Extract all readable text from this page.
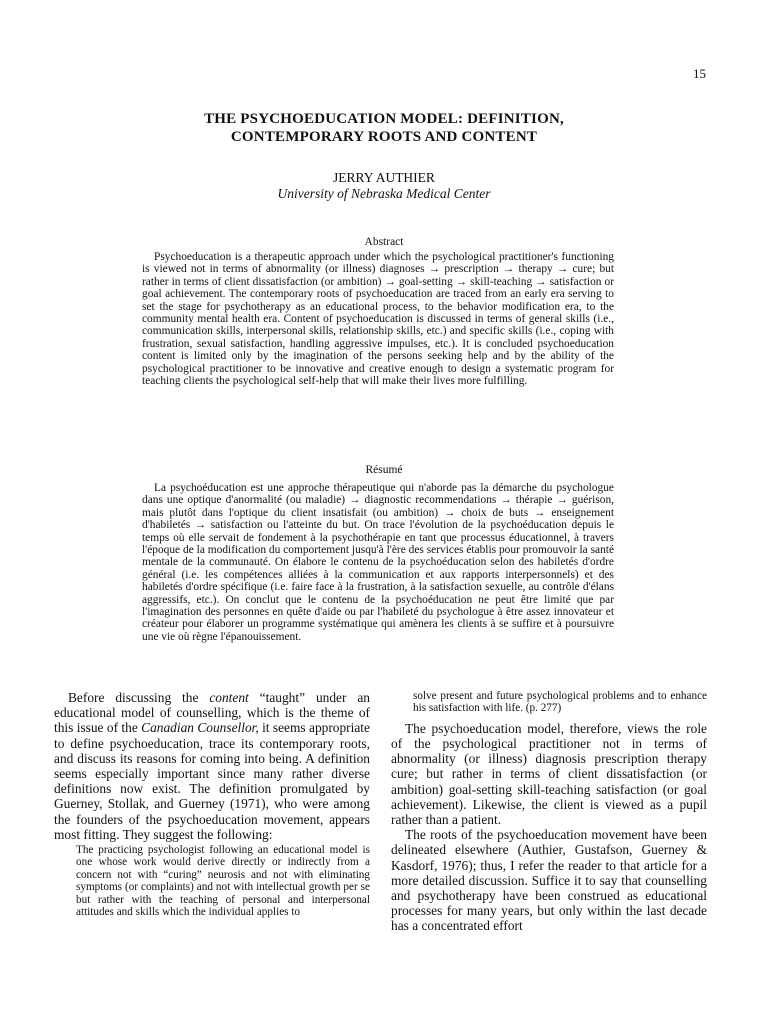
15
THE PSYCHOEDUCATION MODEL: DEFINITION,
CONTEMPORARY ROOTS AND CONTENT
JERRY AUTHIER
University of Nebraska Medical Center
Abstract
Psychoeducation is a therapeutic approach under which the psychological practitioner's functioning is viewed not in terms of abnormality (or illness) diagnoses → prescription → therapy → cure; but rather in terms of client dissatisfaction (or ambition) → goal-setting → skill-teaching → satisfaction or goal achievement. The contemporary roots of psychoeducation are traced from an early era serving to set the stage for psychotherapy as an educational process, to the behavior modification era, to the community mental health era. Content of psychoeducation is discussed in terms of general skills (i.e., communication skills, interpersonal skills, relationship skills, etc.) and specific skills (i.e., coping with frustration, sexual satisfaction, handling aggressive impulses, etc.). It is concluded psychoeducation content is limited only by the imagination of the persons seeking help and by the ability of the psychological practitioner to be innovative and creative enough to design a systematic program for teaching clients the psychological self-help that will make their lives more fulfilling.
Résumé
La psychoéducation est une approche thérapeutique qui n'aborde pas la démarche du psychologue dans une optique d'anormalité (ou maladie) → diagnostic recommendations → thérapie → guérison, mais plutôt dans l'optique du client insatisfait (ou ambition) → choix de buts → enseignement d'habiletés → satisfaction ou l'atteinte du but. On trace l'évolution de la psychoéducation depuis le temps où elle servait de fondement à la psychothérapie en tant que processus éducationnel, à travers l'époque de la modification du comportement jusqu'à l'ère des services établis pour promouvoir la santé mentale de la communauté. On élabore le contenu de la psychoéducation selon des habiletés d'ordre général (i.e. les compétences alliées à la communication et aux rapports interpersonnels) et des habiletés d'ordre spécifique (i.e. faire face à la frustration, à la satisfaction sexuelle, au contrôle d'élans aggressifs, etc.). On conclut que le contenu de la psychoéducation ne peut être limité que par l'imagination des personnes en quête d'aide ou par l'habileté du psychologue à être assez innovateur et créateur pour élaborer un programme systématique qui amènera les clients à se suffire et à poursuivre une vie où règne l'épanouissement.

Before discussing the content “taught” under an educational model of counselling, which is the theme of this issue of the Canadian Counsellor, it seems appropriate to define psychoeducation, trace its contemporary roots, and discuss its reasons for coming into being. A definition seems especially important since many rather diverse definitions now exist. The definition promulgated by Guerney, Stollak, and Guerney (1971), who were among the founders of the psychoeducation movement, appears most fitting. They suggest the following:

The practicing psychologist following an educational model is one whose work would derive directly or indirectly from a concern not with “curing” neurosis and not with eliminating symptoms (or complaints) and not with intellectual growth per se but rather with the teaching of personal and interpersonal attitudes and skills which the individual applies to
solve present and future psychological problems and to enhance his satisfaction with life. (p. 277)

The psychoeducation model, therefore, views the role of the psychological practitioner not in terms of abnormality (or illness) diagnosis prescription therapy cure; but rather in terms of client dissatisfaction (or ambition) goal-setting skill-teaching satisfaction (or goal achievement). Likewise, the client is viewed as a pupil rather than a patient.

The roots of the psychoeducation movement have been delineated elsewhere (Authier, Gustafson, Guerney & Kasdorf, 1976); thus, I refer the reader to that article for a more detailed discussion. Suffice it to say that counselling and psychotherapy have been construed as educational processes for many years, but only within the last decade has a concentrated effort
